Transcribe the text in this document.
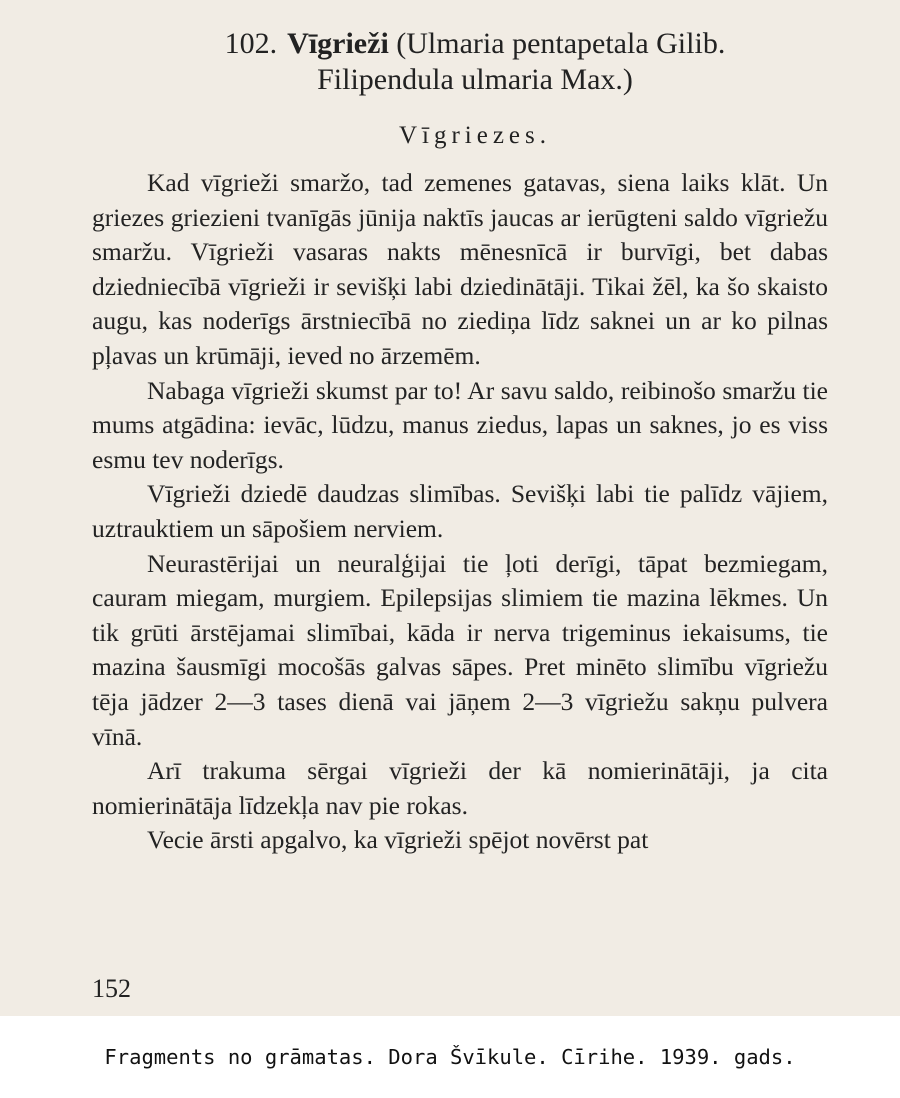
102. Vīgrieži (Ulmaria pentapetala Gilib.
Filipendula ulmaria Max.)
Vīgriezes.

Kad vīgrieži smaržo, tad zemenes gatavas, siena laiks klāt. Un griezes griezieni tvanīgās jūnija naktīs jaucas ar ierūgteni saldo vīgriežu smaržu. Vīgrieži vasaras nakts mēnesnīcā ir burvīgi, bet dabas dziedniecībā vīgrieži ir sevišķi labi dziedinātāji. Tikai žēl, ka šo skaisto augu, kas noderīgs ārstniecībā no ziediņa līdz saknei un ar ko pilnas pļavas un krūmāji, ieved no ārzemēm.

Nabaga vīgrieži skumst par to! Ar savu saldo, reibinošo smaržu tie mums atgādina: ievāc, lūdzu, manus ziedus, lapas un saknes, jo es viss esmu tev noderīgs.

Vīgrieži dziedē daudzas slimības. Sevišķi labi tie palīdz vājiem, uztrauktiem un sāpošiem nerviem.

Neurastērijai un neuralģijai tie ļoti derīgi, tāpat bezmiegam, cauram miegam, murgiem. Epilepsijas slimiem tie mazina lēkmes. Un tik grūti ārstējamai slimībai, kāda ir nerva trigeminus iekaisums, tie mazina šausmīgi mocošās galvas sāpes. Pret minēto slimību vīgriežu tēja jādzer 2—3 tases dienā vai jāņem 2—3 vīgriežu sakņu pulvera vīnā.

Arī trakuma sērgai vīgrieži der kā nomierinātāji, ja cita nomierinātāja līdzekļa nav pie rokas.

Vecie ārsti apgalvo, ka vīgrieži spējot novērst pat

152
Fragments no grāmatas. Dora Švīkule. Cīrihe. 1939. gads.
